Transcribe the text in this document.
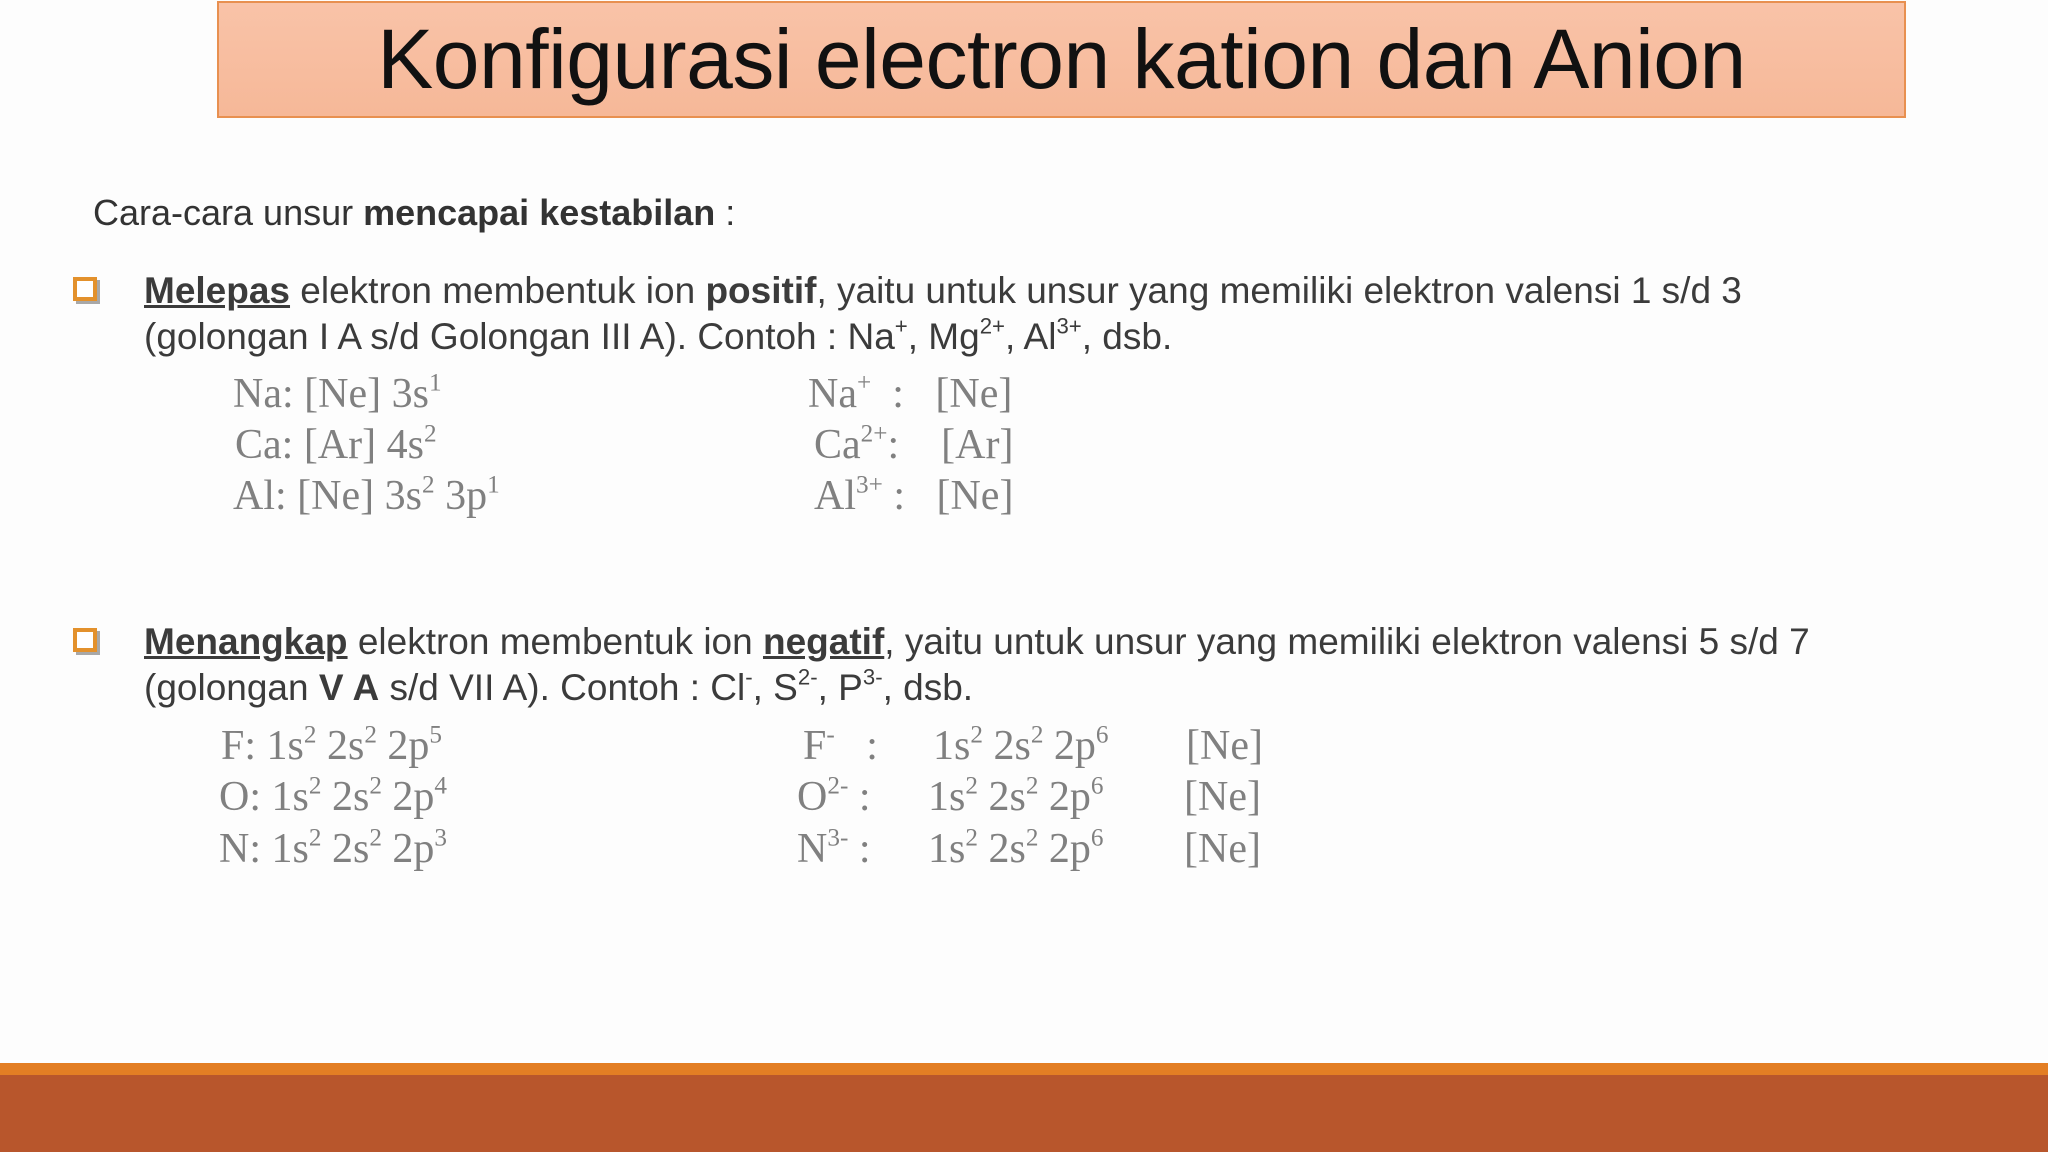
Konfigurasi electron kation dan Anion
Cara-cara unsur mencapai kestabilan :
Melepas elektron membentuk ion positif, yaitu untuk unsur yang memiliki elektron valensi 1 s/d 3
(golongan I A s/d Golongan III A). Contoh : Na+, $Mg^{2+}$, $Al^{3+}$, dsb.
Na: [Ne] $3s^1$	Na+  :   [Ne]
Ca: [Ar] $4s^2$	$Ca^{2+}$:    [Ar]
Al: [Ne] $3s^2$ $3p^1$	$Al^{3+}$ :   [Ne]
Menangkap elektron membentuk ion negatif, yaitu untuk unsur yang memiliki elektron valensi 5 s/d 7
(golongan V A s/d VII A). Contoh : Cl-, $S^{2-}$, $P^{3-}$, dsb.
F: $1s^2$ $2s^2$ $2p^5$	F-   : $1s^2$ $2s^2$ $2p^6$ [Ne]
O: $1s^2$ $2s^2$ $2p^4$	$O^{2-}$ : $1s^2$ $2s^2$ $2p^6$ [Ne]
N: $1s^2$ $2s^2$ $2p^3$	$N^{3-}$ : $1s^2$ $2s^2$ $2p^6$ [Ne]
